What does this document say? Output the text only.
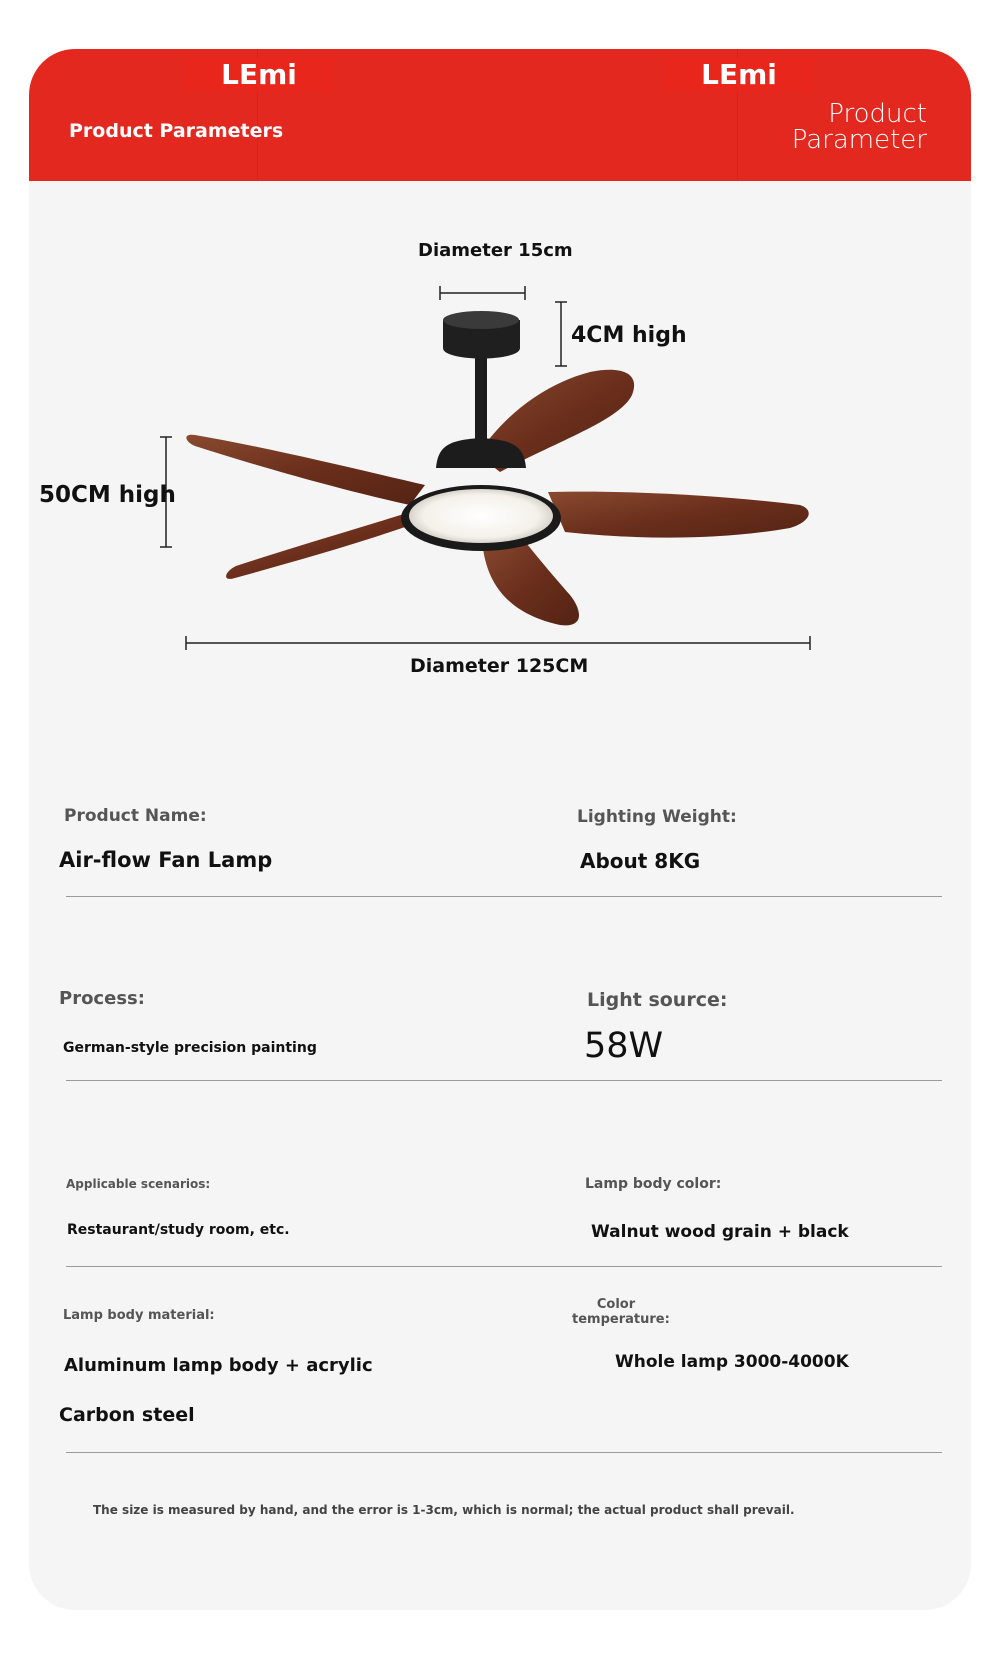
LEmi	LEmi
Product Parameters
Product
Parameter
Diameter 15cm
4CM high
50CM high
Diameter 125CM
Product Name:
Air-flow Fan Lamp
Lighting Weight:
About 8KG
Process:
German-style precision painting
Light source:
58W
Applicable scenarios:
Restaurant/study room, etc.
Lamp body color:
Walnut wood grain + black
Lamp body material:
Aluminum lamp body + acrylic
Carbon steel
Color
temperature:
Whole lamp 3000-4000K
The size is measured by hand, and the error is 1-3cm, which is normal; the actual product shall prevail.
